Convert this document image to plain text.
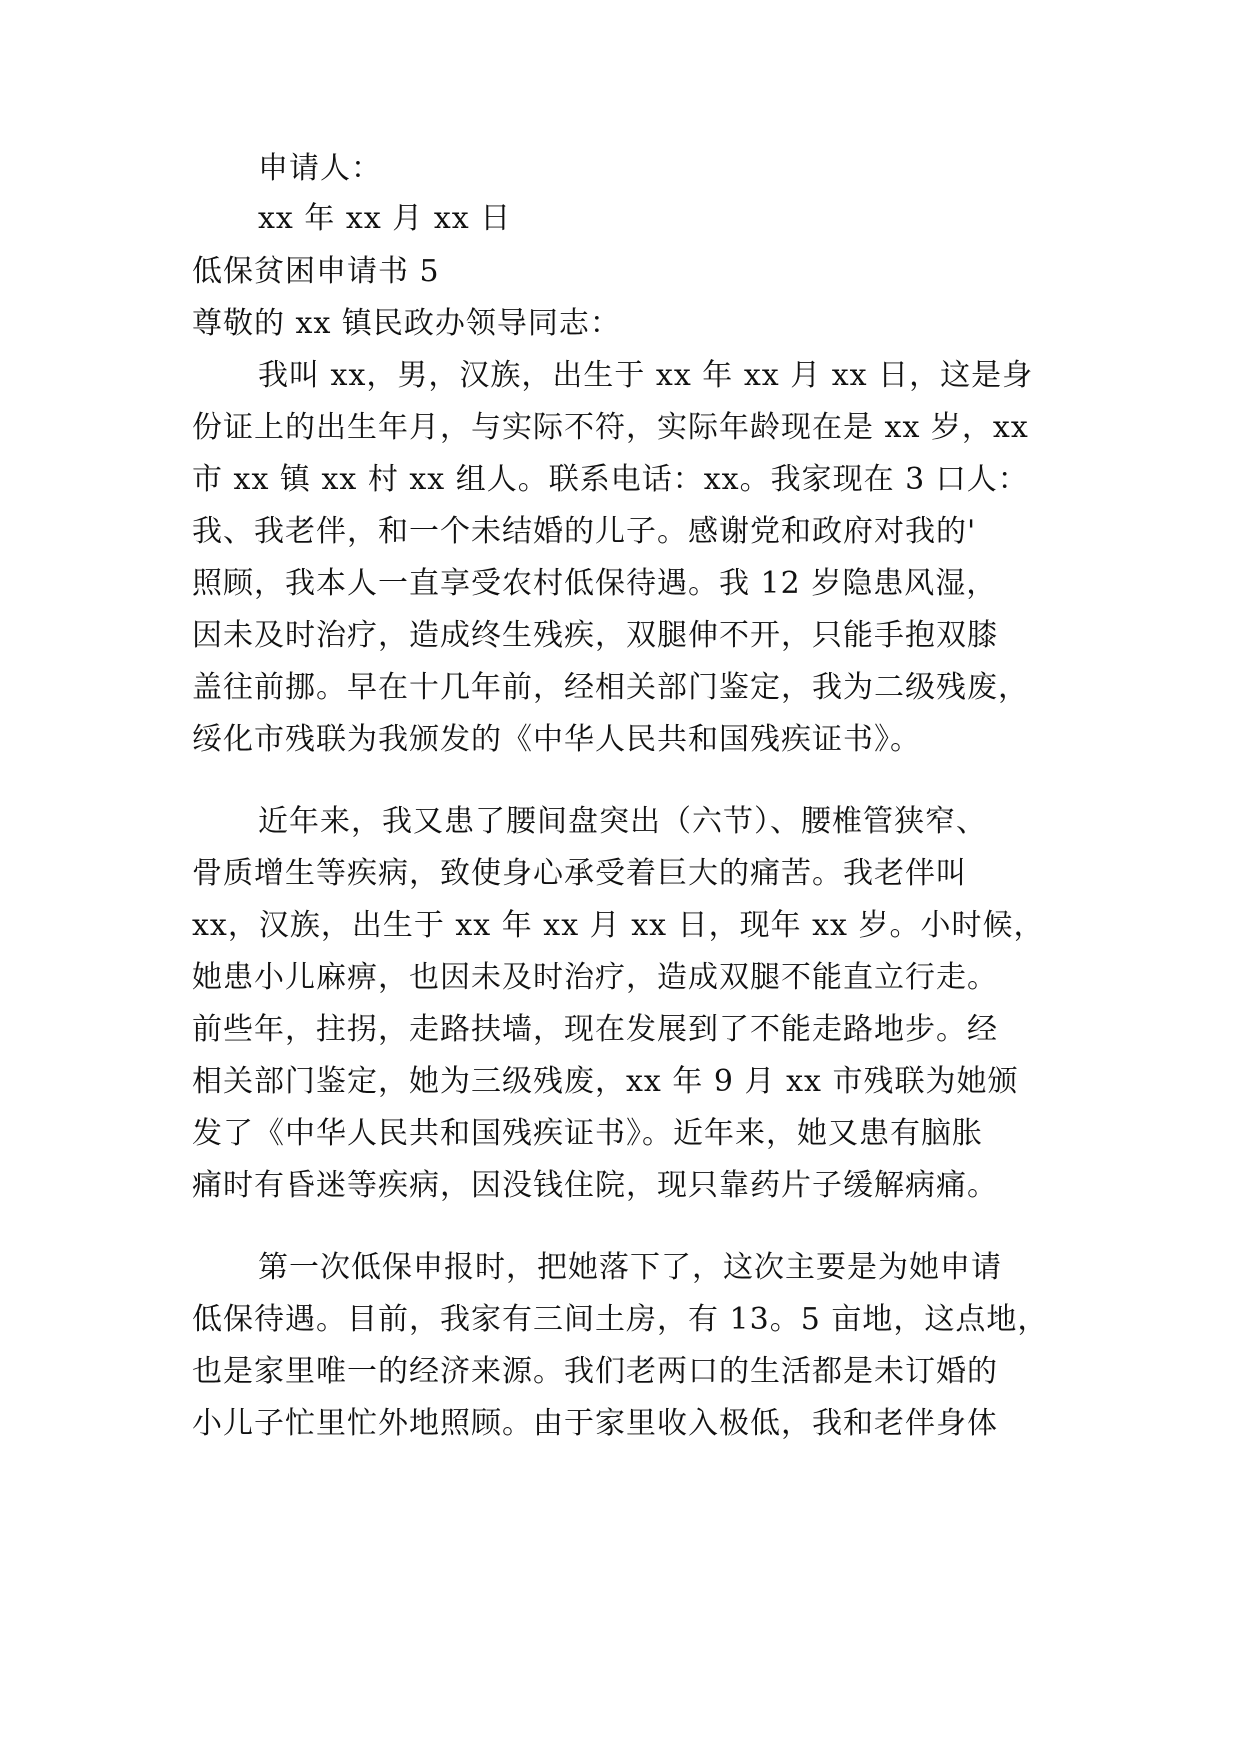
申请人：
xx 年 xx 月 xx 日
低保贫困申请书 5
尊敬的 xx 镇民政办领导同志：
我叫 xx，男，汉族，出生于 xx 年 xx 月 xx 日，这是身
份证上的出生年月，与实际不符，实际年龄现在是 xx 岁，xx
市 xx 镇 xx 村 xx 组人。联系电话：xx。我家现在 3 口人：
我、我老伴，和一个未结婚的儿子。感谢党和政府对我的'
照顾，我本人一直享受农村低保待遇。我 12 岁隐患风湿，
因未及时治疗，造成终生残疾，双腿伸不开，只能手抱双膝
盖往前挪。早在十几年前，经相关部门鉴定，我为二级残废，
绥化市残联为我颁发的《中华人民共和国残疾证书》。
近年来，我又患了腰间盘突出（六节）、腰椎管狭窄、
骨质增生等疾病，致使身心承受着巨大的痛苦。我老伴叫
xx，汉族，出生于 xx 年 xx 月 xx 日，现年 xx 岁。小时候，
她患小儿麻痹，也因未及时治疗，造成双腿不能直立行走。
前些年，拄拐，走路扶墙，现在发展到了不能走路地步。经
相关部门鉴定，她为三级残废，xx 年 9 月 xx 市残联为她颁
发了《中华人民共和国残疾证书》。近年来，她又患有脑胀
痛时有昏迷等疾病，因没钱住院，现只靠药片子缓解病痛。
第一次低保申报时，把她落下了，这次主要是为她申请
低保待遇。目前，我家有三间土房，有 13。5 亩地，这点地，
也是家里唯一的经济来源。我们老两口的生活都是未订婚的
小儿子忙里忙外地照顾。由于家里收入极低，我和老伴身体
